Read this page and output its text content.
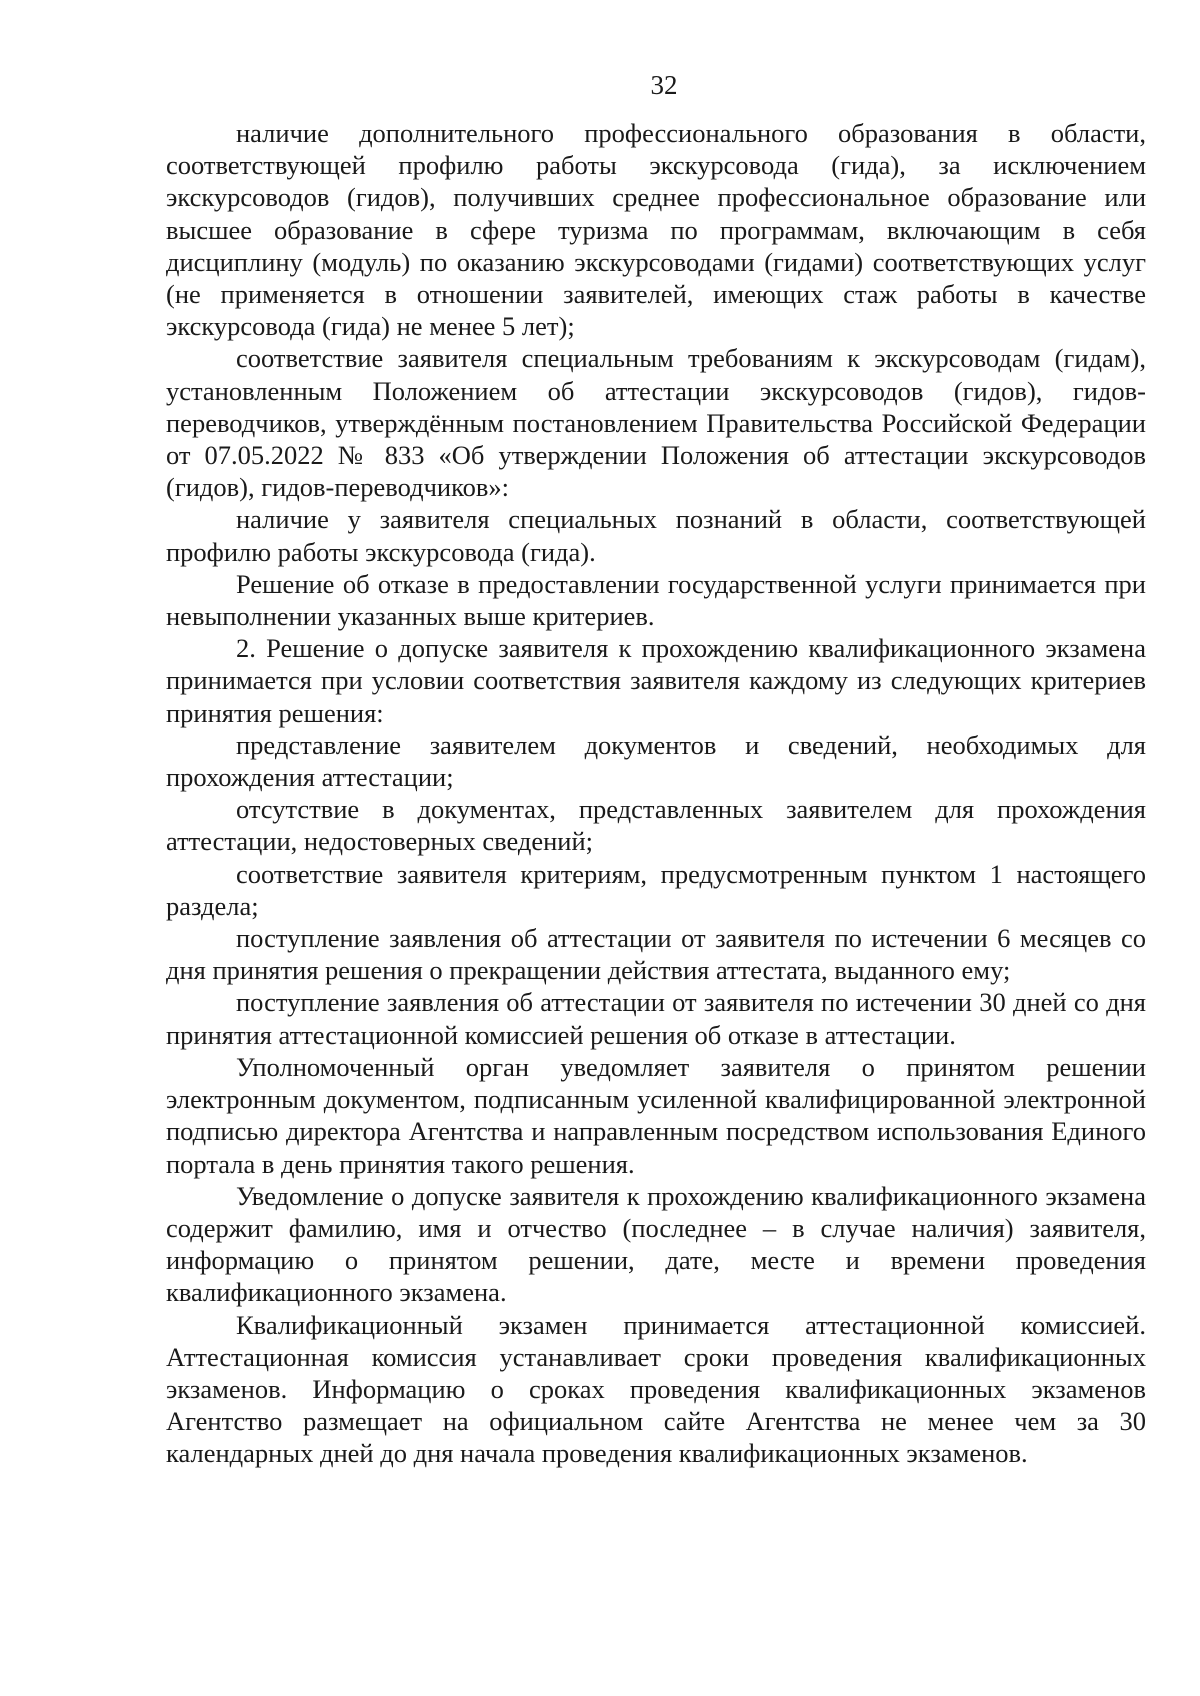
32

наличие дополнительного профессионального образования в области, соответствующей профилю работы экскурсовода (гида), за исключением экскурсоводов (гидов), получивших среднее профессиональное образование или высшее образование в сфере туризма по программам, включающим в себя дисциплину (модуль) по оказанию экскурсоводами (гидами) соответствующих услуг (не применяется в отношении заявителей, имеющих стаж работы в качестве экскурсовода (гида) не менее 5 лет);

соответствие заявителя специальным требованиям к экскурсоводам (гидам), установленным Положением об аттестации экскурсоводов (гидов), гидов-переводчиков, утверждённым постановлением Правительства Российской Федерации от 07.05.2022 № 833 «Об утверждении Положения об аттестации экскурсоводов (гидов), гидов-переводчиков»:

наличие у заявителя специальных познаний в области, соответствующей профилю работы экскурсовода (гида).

Решение об отказе в предоставлении государственной услуги принимается при невыполнении указанных выше критериев.

2. Решение о допуске заявителя к прохождению квалификационного экзамена принимается при условии соответствия заявителя каждому из следующих критериев принятия решения:

представление заявителем документов и сведений, необходимых для прохождения аттестации;

отсутствие в документах, представленных заявителем для прохождения аттестации, недостоверных сведений;

соответствие заявителя критериям, предусмотренным пунктом 1 настоящего раздела;

поступление заявления об аттестации от заявителя по истечении 6 месяцев со дня принятия решения о прекращении действия аттестата, выданного ему;

поступление заявления об аттестации от заявителя по истечении 30 дней со дня принятия аттестационной комиссией решения об отказе в аттестации.

Уполномоченный орган уведомляет заявителя о принятом решении электронным документом, подписанным усиленной квалифицированной электронной подписью директора Агентства и направленным посредством использования Единого портала в день принятия такого решения.

Уведомление о допуске заявителя к прохождению квалификационного экзамена содержит фамилию, имя и отчество (последнее – в случае наличия) заявителя, информацию о принятом решении, дате, месте и времени проведения квалификационного экзамена.

Квалификационный экзамен принимается аттестационной комиссией. Аттестационная комиссия устанавливает сроки проведения квалификационных экзаменов. Информацию о сроках проведения квалификационных экзаменов Агентство размещает на официальном сайте Агентства не менее чем за 30 календарных дней до дня начала проведения квалификационных экзаменов.
